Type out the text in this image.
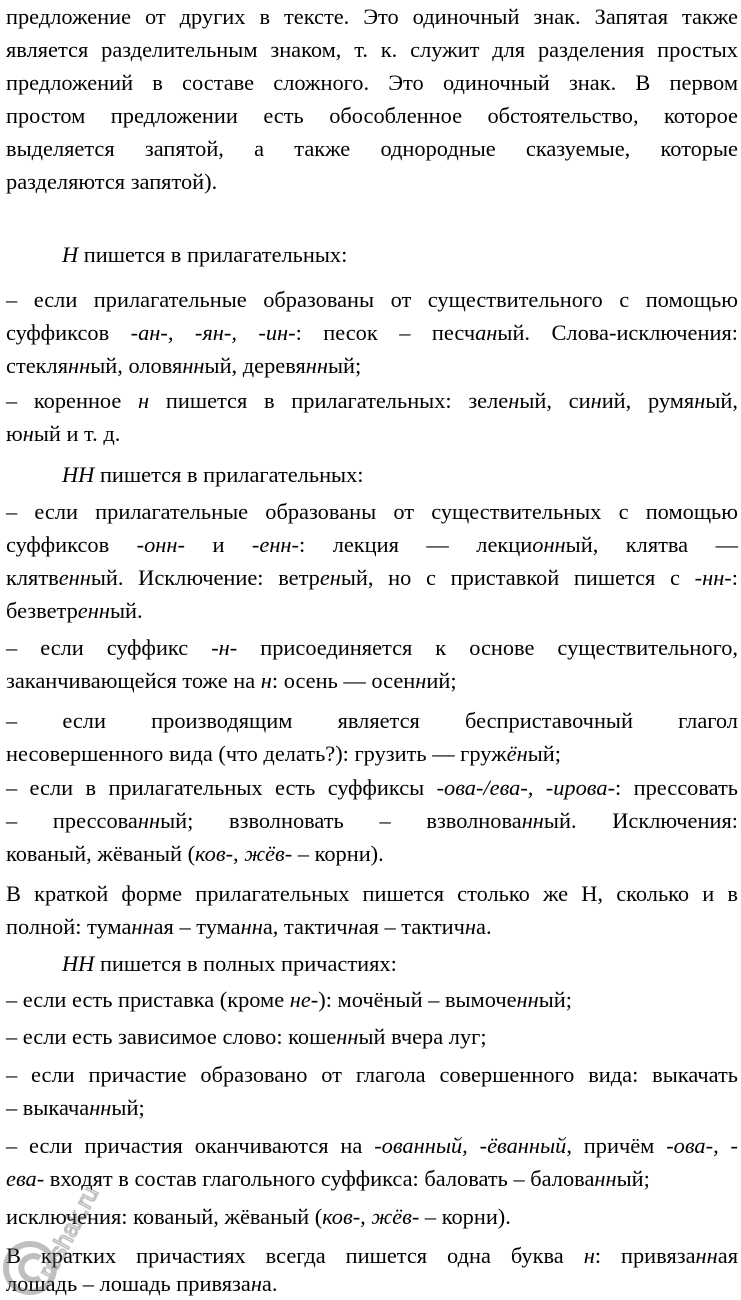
предложение от других в тексте. Это одиночный знак. Запятая также
является разделительным знаком, т. к. служит для разделения простых
предложений в составе сложного. Это одиночный знак. В первом
простом предложении есть обособленное обстоятельство, которое
выделяется запятой, а также однородные сказуемые, которые
разделяются запятой).
Н пишется в прилагательных:
– если прилагательные образованы от существительного с помощью
суффиксов -ан-, -ян-, -ин-: песок – песчаный. Слова-исключения:
стеклянный, оловянный, деревянный;
– коренное н пишется в прилагательных: зеленый, синий, румяный,
юный и т. д.
НН пишется в прилагательных:
– если прилагательные образованы от существительных с помощью
суффиксов -онн- и -енн-: лекция — лекционный, клятва —
клятвенный. Исключение: ветреный, но с приставкой пишется с -нн-:
безветренный.
– если суффикс -н- присоединяется к основе существительного,
заканчивающейся тоже на н: осень — осенний;
– если производящим является бесприставочный глагол
несовершенного вида (что делать?): грузить — гружёный;
– если в прилагательных есть суффиксы -ова-/ева-, -ирова-: прессовать
– прессованный; взволновать – взволнованный. Исключения:
кованый, жёваный (ков-, жёв- – корни).
В краткой форме прилагательных пишется столько же Н, сколько и в
полной: туманная – туманна, тактичная – тактична.
НН пишется в полных причастиях:
– если есть приставка (кроме не-): мочёный – вымоченный;
– если есть зависимое слово: кошенный вчера луг;
– если причастие образовано от глагола совершенного вида: выкачать
– выкачанный;
– если причастия оканчиваются на -ованный, -ёванный, причём -ова-, -
ева- входят в состав глагольного суффикса: баловать – балованный;
исключения: кованый, жёваный (ков-, жёв- – корни).
В кратких причастиях всегда пишется одна буква н: привязанная
лошадь – лошадь привязана.
reshak.ru
